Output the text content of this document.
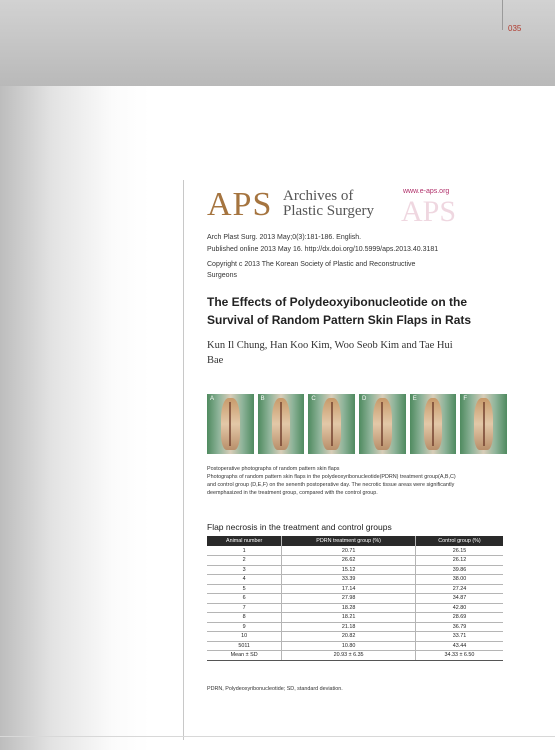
035
APS Archives of
Plastic Surgery APS
www.e-aps.org
Arch Plast Surg. 2013 May;0(3):181-186. English.
Published online 2013 May 16. http://dx.doi.org/10.5999/aps.2013.40.3181
Copyright c 2013 The Korean Society of Plastic and Reconstructive
Surgeons
The Effects of Polydeoxyibonucleotide on the
Survival of Random Pattern Skin Flaps in Rats
Kun Il Chung, Han Koo Kim, Woo Seob Kim and Tae Hui
Bae
A	B	C	D	E	F
Postoperative photographs of random pattern skin flaps
Photographs of random pattern skin flaps in the polydeoxyribonucleotide(PDRN) treatment group(A,B,C)
and control group (D,E,F) on the senenth postoperative day. The necrotic tissue areas were significantly
deemphasized in the treatment group, compared with the control group.
Flap necrosis in the treatment and control groups
Animal number	PDRN treatment group (%)	Control group (%)
1	20.71	26.15
2	26.62	26.12
3	15.12	39.86
4	33.39	38.00
5	17.14	27.24
6	27.98	34.87
7	18.28	42.80
8	18.21	28.69
9	21.18	36.79
10	20.82	33.71
5011	10.80	43.44
Mean ± SD	20.93 ± 6.35	34.33 ± 6.50
PDRN, Polydeoxyribonucleotide; SD, standard deviation.
